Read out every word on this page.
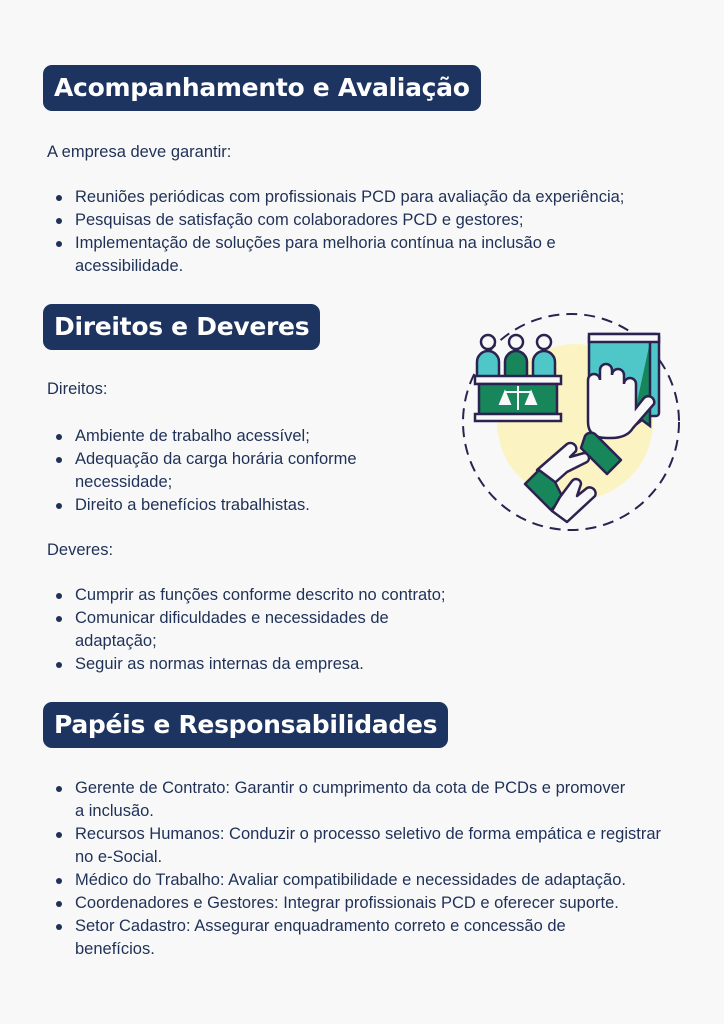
Acompanhamento e Avaliação

A empresa deve garantir:

Reuniões periódicas com profissionais PCD para avaliação da experiência;
Pesquisas de satisfação com colaboradores PCD e gestores;
Implementação de soluções para melhoria contínua na inclusão e acessibilidade.
Direitos e Deveres

Direitos:

Ambiente de trabalho acessível;
Adequação da carga horária conforme necessidade;
Direito a benefícios trabalhistas.

Deveres:

Cumprir as funções conforme descrito no contrato;
Comunicar dificuldades e necessidades de adaptação;
Seguir as normas internas da empresa.
Papéis e Responsabilidades
Gerente de Contrato: Garantir o cumprimento da cota de PCDs e promover a inclusão.
Recursos Humanos: Conduzir o processo seletivo de forma empática e registrar no e-Social.
Médico do Trabalho: Avaliar compatibilidade e necessidades de adaptação.
Coordenadores e Gestores: Integrar profissionais PCD e oferecer suporte.
Setor Cadastro: Assegurar enquadramento correto e concessão de benefícios.
